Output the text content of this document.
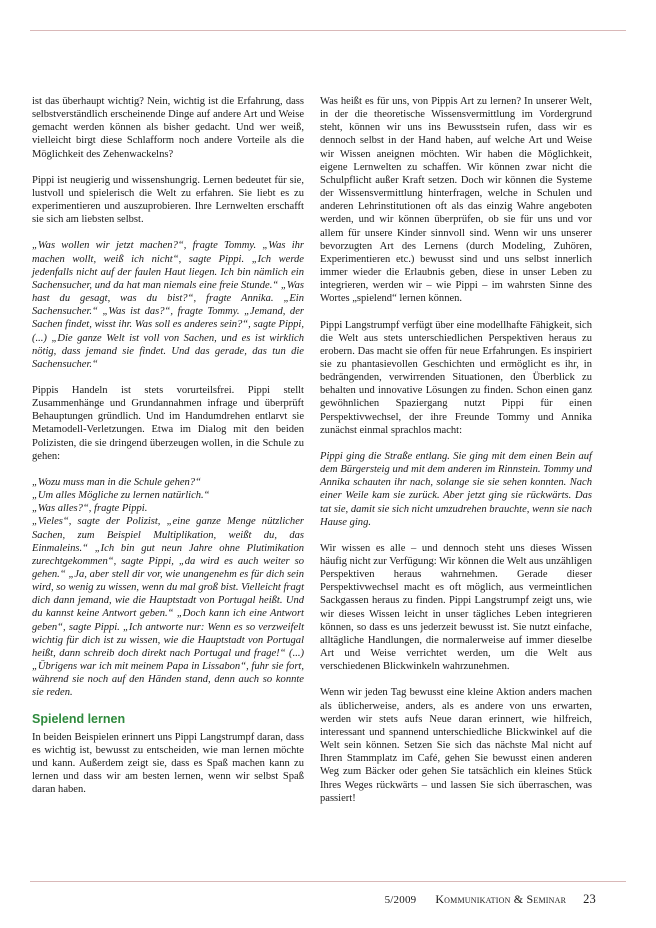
ist das überhaupt wichtig? Nein, wichtig ist die Erfahrung, dass selbstverständlich erscheinende Dinge auf andere Art und Weise gemacht werden können als bisher gedacht. Und wer weiß, vielleicht birgt diese Schlafform noch andere Vorteile als die Möglichkeit des Zehenwackelns?

Pippi ist neugierig und wissenshungrig. Lernen bedeutet für sie, lustvoll und spielerisch die Welt zu erfahren. Sie liebt es zu experimentieren und auszuprobieren. Ihre Lernwelten erschafft sie sich am liebsten selbst.

„Was wollen wir jetzt machen?“, fragte Tommy. „Was ihr machen wollt, weiß ich nicht“, sagte Pippi. „Ich werde jedenfalls nicht auf der faulen Haut liegen. Ich bin nämlich ein Sachensucher, und da hat man niemals eine freie Stunde.“ „Was hast du gesagt, was du bist?“, fragte Annika. „Ein Sachensucher.“ „Was ist das?“, fragte Tommy. „Jemand, der Sachen findet, wisst ihr. Was soll es anderes sein?“, sagte Pippi, (...) „Die ganze Welt ist voll von Sachen, und es ist wirklich nötig, dass jemand sie findet. Und das gerade, das tun die Sachensucher.“

Pippis Handeln ist stets vorurteilsfrei. Pippi stellt Zusammenhänge und Grundannahmen infrage und überprüft Behauptungen gründlich. Und im Handumdrehen entlarvt sie Metamodell-Verletzungen. Etwa im Dialog mit den beiden Polizisten, die sie dringend überzeugen wollen, in die Schule zu gehen:

„Wozu muss man in die Schule gehen?“
„Um alles Mögliche zu lernen natürlich.“
„Was alles?“, fragte Pippi.
„Vieles“, sagte der Polizist, „eine ganze Menge nützlicher Sachen, zum Beispiel Multiplikation, weißt du, das Einmaleins.“ „Ich bin gut neun Jahre ohne Plutimikation zurechtgekommen“, sagte Pippi, „da wird es auch weiter so gehen.“ „Ja, aber stell dir vor, wie unangenehm es für dich sein wird, so wenig zu wissen, wenn du mal groß bist. Vielleicht fragt dich dann jemand, wie die Hauptstadt von Portugal heißt. Und du kannst keine Antwort geben.“ „Doch kann ich eine Antwort geben“, sagte Pippi. „Ich antworte nur: Wenn es so verzweifelt wichtig für dich ist zu wissen, wie die Hauptstadt von Portugal heißt, dann schreib doch direkt nach Portugal und frage!“ (...) „Übrigens war ich mit meinem Papa in Lissabon“, fuhr sie fort, während sie noch auf den Händen stand, denn auch so konnte sie reden.

Spielend lernen

In beiden Beispielen erinnert uns Pippi Langstrumpf daran, dass es wichtig ist, bewusst zu entscheiden, wie man lernen möchte und kann. Außerdem zeigt sie, dass es Spaß machen kann zu lernen und dass wir am besten lernen, wenn wir selbst Spaß daran haben.

Was heißt es für uns, von Pippis Art zu lernen? In unserer Welt, in der die theoretische Wissensvermittlung im Vordergrund steht, können wir uns ins Bewusstsein rufen, dass wir es dennoch selbst in der Hand haben, auf welche Art und Weise wir Wissen aneignen möchten. Wir haben die Möglichkeit, eigene Lernwelten zu schaffen. Wir können zwar nicht die Schulpflicht außer Kraft setzen. Doch wir können die Systeme der Wissensvermittlung hinterfragen, welche in Schulen und anderen Lehrinstitutionen oft als das einzig Wahre angeboten werden, und wir können überprüfen, ob sie für uns und vor allem für unsere Kinder sinnvoll sind. Wenn wir uns unserer bevorzugten Art des Lernens (durch Modeling, Zuhören, Experimentieren etc.) bewusst sind und uns selbst innerlich immer wieder die Erlaubnis geben, diese in unser Leben zu integrieren, werden wir – wie Pippi – im wahrsten Sinne des Wortes „spielend“ lernen können.

Pippi Langstrumpf verfügt über eine modellhafte Fähigkeit, sich die Welt aus stets unterschiedlichen Perspektiven heraus zu erobern. Das macht sie offen für neue Erfahrungen. Es inspiriert sie zu phantasievollen Geschichten und ermöglicht es ihr, in bedrängenden, verwirrenden Situationen, den Überblick zu behalten und innovative Lösungen zu finden. Schon einen ganz gewöhnlichen Spaziergang nutzt Pippi für einen Perspektivwechsel, der ihre Freunde Tommy und Annika zunächst einmal sprachlos macht:

Pippi ging die Straße entlang. Sie ging mit dem einen Bein auf dem Bürgersteig und mit dem anderen im Rinnstein. Tommy und Annika schauten ihr nach, solange sie sie sehen konnten. Nach einer Weile kam sie zurück. Aber jetzt ging sie rückwärts. Das tat sie, damit sie sich nicht umzudrehen brauchte, wenn sie nach Hause ging.

Wir wissen es alle – und dennoch steht uns dieses Wissen häufig nicht zur Verfügung: Wir können die Welt aus unzähligen Perspektiven heraus wahrnehmen. Gerade dieser Perspektivwechsel macht es oft möglich, aus vermeintlichen Sackgassen heraus zu finden. Pippi Langstrumpf zeigt uns, wie wir dieses Wissen leicht in unser tägliches Leben integrieren können, so dass es uns jederzeit bewusst ist. Sie nutzt einfache, alltägliche Handlungen, die normalerweise auf immer dieselbe Art und Weise verrichtet werden, um die Welt aus verschiedenen Blickwinkeln wahrzunehmen.

Wenn wir jeden Tag bewusst eine kleine Aktion anders machen als üblicherweise, anders, als es andere von uns erwarten, werden wir stets aufs Neue daran erinnert, wie hilfreich, interessant und spannend unterschiedliche Blickwinkel auf die Welt sein können. Setzen Sie sich das nächste Mal nicht auf Ihren Stammplatz im Café, gehen Sie bewusst einen anderen Weg zum Bäcker oder gehen Sie tatsächlich ein kleines Stück Ihres Weges rückwärts – und lassen Sie sich überraschen, was passiert!

5/2009 Kommunikation & Seminar 23
